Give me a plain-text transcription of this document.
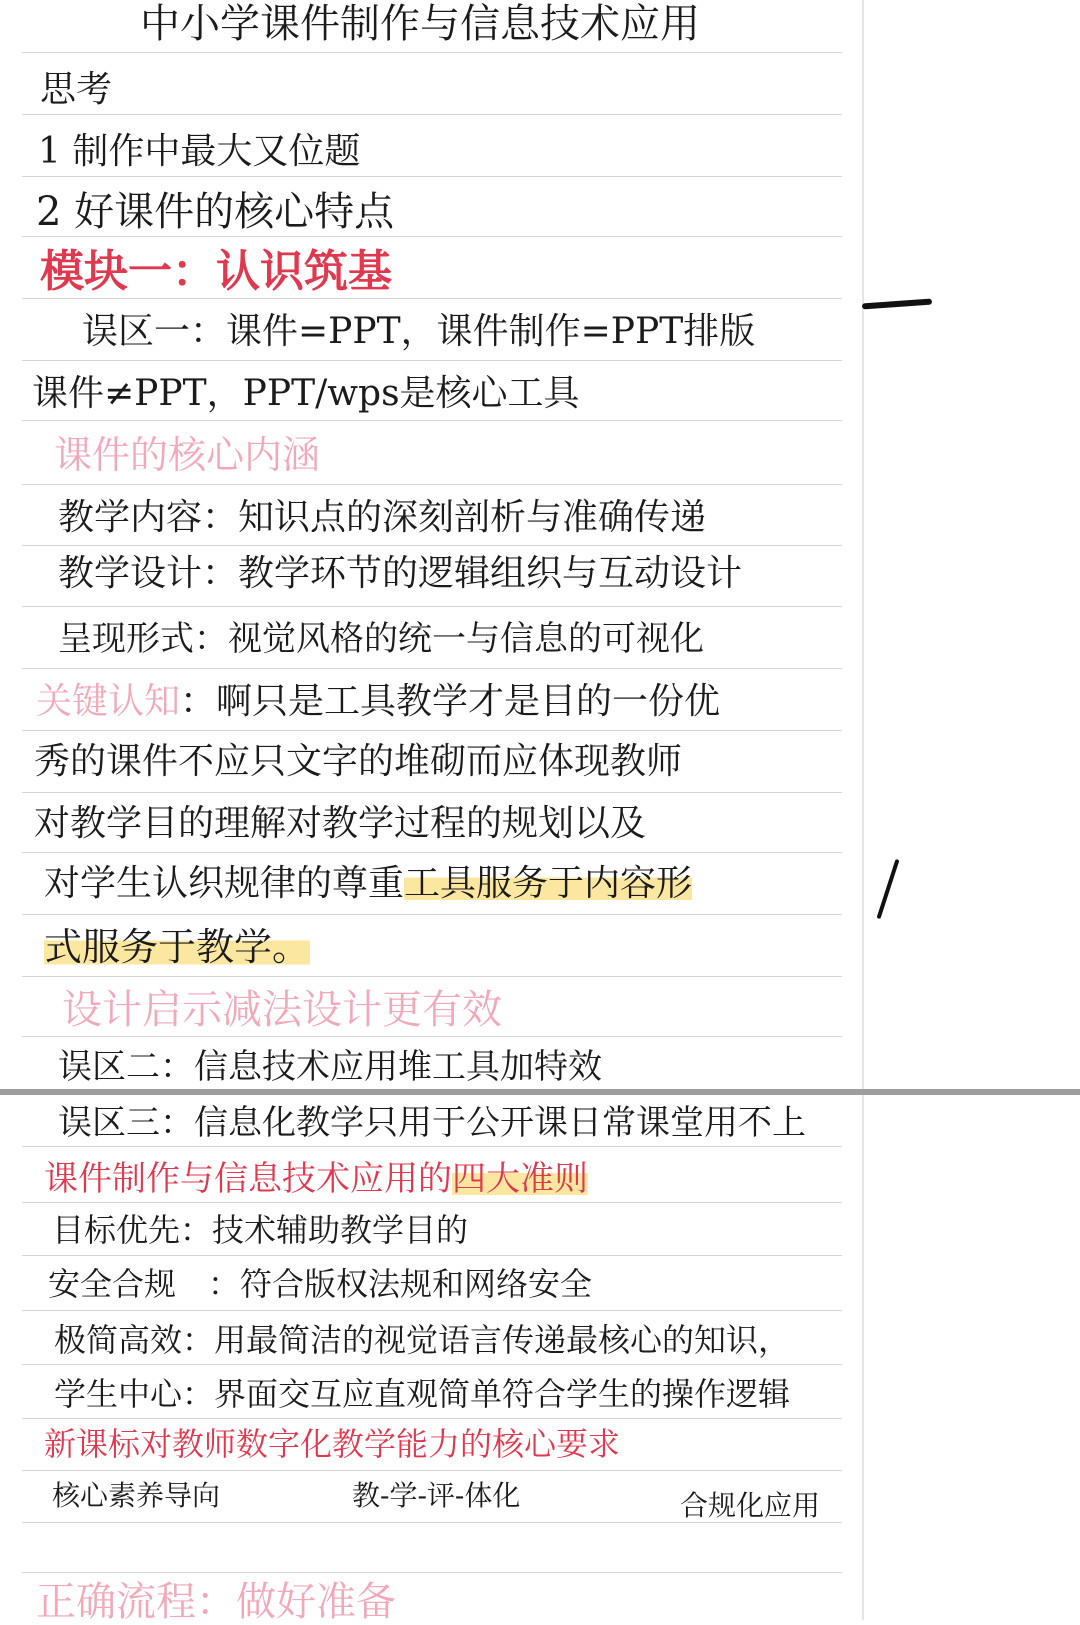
中小学课件制作与信息技术应用
思考
1 制作中最大又位题
2 好课件的核心特点
模块一：认识筑基
误区一：课件=PPT，课件制作=PPT排版
课件≠PPT，PPT/wps是核心工具
课件的核心内涵
教学内容：知识点的深刻剖析与准确传递
教学设计：教学环节的逻辑组织与互动设计
呈现形式：视觉风格的统一与信息的可视化
关键认知：啊只是工具教学才是目的一份优
秀的课件不应只文字的堆砌而应体现教师
对教学目的理解对教学过程的规划以及
对学生认织规律的尊重工具服务于内容形
式服务于教学。
设计启示减法设计更有效
误区二：信息技术应用堆工具加特效
误区三：信息化教学只用于公开课日常课堂用不上
课件制作与信息技术应用的四大准则
目标优先：技术辅助教学目的
安全合规　：符合版权法规和网络安全
极简高效：用最简洁的视觉语言传递最核心的知识，
学生中心：界面交互应直观简单符合学生的操作逻辑
新课标对教师数字化教学能力的核心要求
核心素养导向	教-学-评-体化	合规化应用
正确流程：做好准备
